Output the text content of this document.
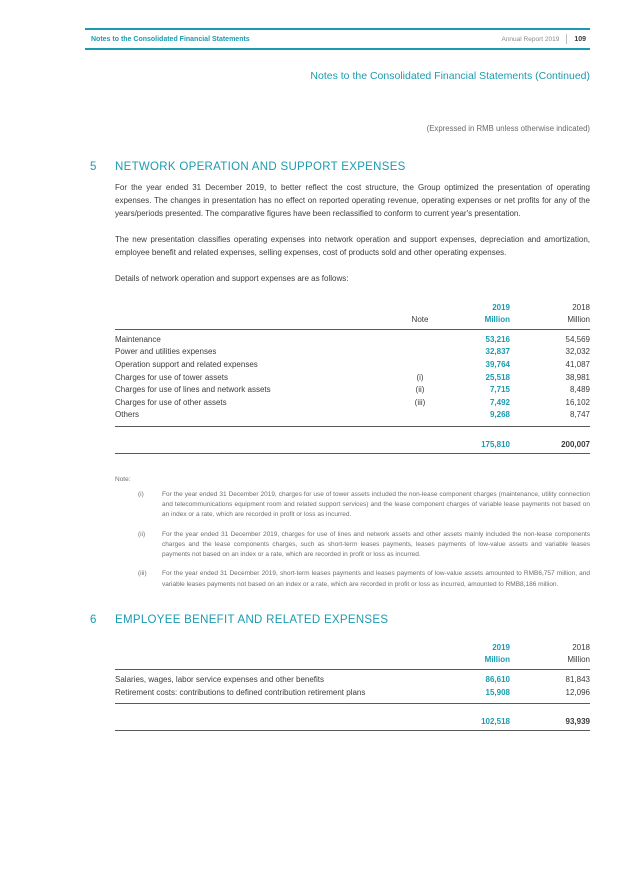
Notes to the Consolidated Financial Statements	Annual Report 2019 109
Notes to the Consolidated Financial Statements (Continued)
(Expressed in RMB unless otherwise indicated)
5	NETWORK OPERATION AND SUPPORT EXPENSES
For the year ended 31 December 2019, to better reflect the cost structure, the Group optimized the presentation of operating expenses. The changes in presentation has no effect on reported operating revenue, operating expenses or net profits for any of the years/periods presented. The comparative figures have been reclassified to conform to current year's presentation.
The new presentation classifies operating expenses into network operation and support expenses, depreciation and amortization, employee benefit and related expenses, selling expenses, cost of products sold and other operating expenses.
Details of network operation and support expenses are as follows:
2019	2018
Note	Million	Million
Maintenance	53,216	54,569
Power and utilities expenses	32,837	32,032
Operation support and related expenses	39,764	41,087
Charges for use of tower assets	(i)	25,518	38,981
Charges for use of lines and network assets	(ii)	7,715	8,489
Charges for use of other assets	(iii)	7,492	16,102
Others	9,268	8,747
175,810	200,007
Note:
(i)	For the year ended 31 December 2019, charges for use of tower assets included the non-lease component charges (maintenance, utility connection and telecommunications equipment room and related support services) and the lease component charges of variable lease payments not based on an index or a rate, which are recorded in profit or loss as incurred.
(ii)	For the year ended 31 December 2019, charges for use of lines and network assets and other assets mainly included the non-lease components charges and the lease components charges, such as short-term leases payments, leases payments of low-value assets and variable leases payments not based on an index or a rate, which are recorded in profit or loss as incurred.
(iii)	For the year ended 31 December 2019, short-term leases payments and leases payments of low-value assets amounted to RMB6,757 million, and variable leases payments not based on an index or a rate, which are recorded in profit or loss as incurred, amounted to RMB8,186 million.
6	EMPLOYEE BENEFIT AND RELATED EXPENSES
2019	2018
Million	Million
Salaries, wages, labor service expenses and other benefits	86,610	81,843
Retirement costs: contributions to defined contribution retirement plans	15,908	12,096
102,518	93,939
